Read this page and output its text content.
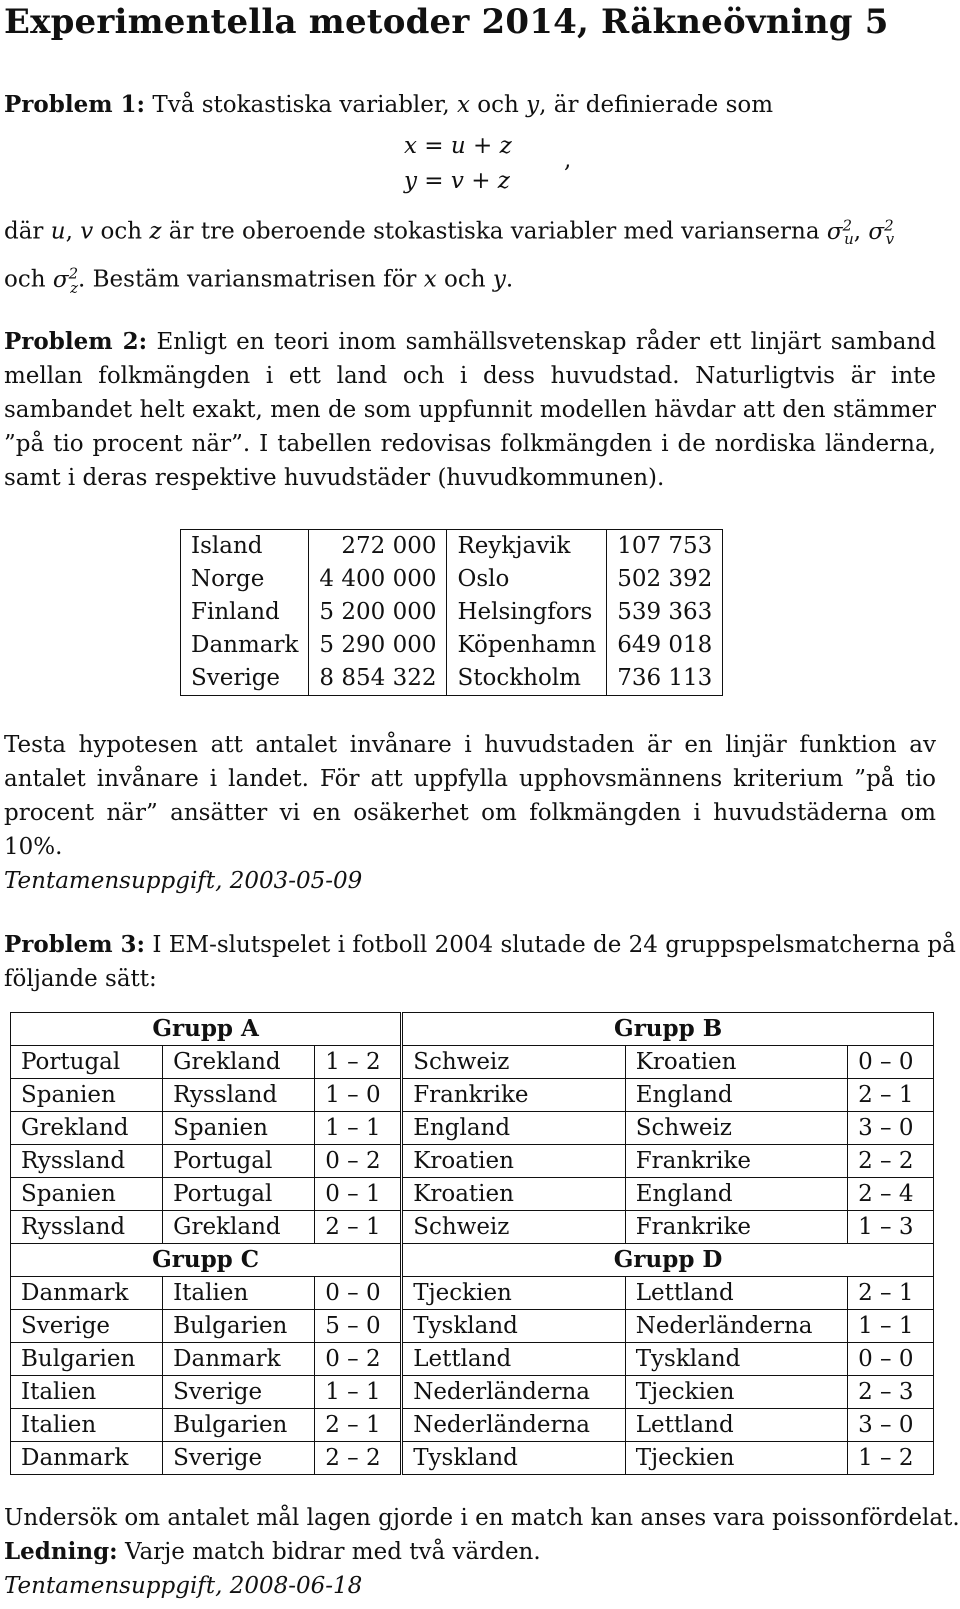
Experimentella metoder 2014, Räkneövning 5

Problem 1: Två stokastiska variabler, x och y, är definierade som

x = u + z
y = v + z
,

där u, v och z är tre oberoende stokastiska variabler med varianserna $\sigma^2_u$, $\sigma^2_v$
och $\sigma^2_z$. Bestäm variansmatrisen för x och y.

Problem 2: Enligt en teori inom samhällsvetenskap råder ett linjärt samband mellan folkmängden i ett land och i dess huvudstad. Naturligtvis är inte sambandet helt exakt, men de som uppfunnit modellen hävdar att den stämmer ”på tio procent när”. I tabellen redovisas folkmängden i de nordiska länderna, samt i deras respektive huvudstäder (huvudkommunen).

Island	272 000	Reykjavik	107 753
Norge	4 400 000	Oslo	502 392
Finland	5 200 000	Helsingfors	539 363
Danmark	5 290 000	Köpenhamn	649 018
Sverige	8 854 322	Stockholm	736 113

Testa hypotesen att antalet invånare i huvudstaden är en linjär funktion av antalet invånare i landet. För att uppfylla upphovsmännens kriterium ”på tio procent när” ansätter vi en osäkerhet om folkmängden i huvudstäderna om 10%.

Tentamensuppgift, 2003-05-09

Problem 3: I EM-slutspelet i fotboll 2004 slutade de 24 gruppspelsmatcherna på följande sätt:

Grupp A			Grupp B		
Portugal	Grekland	1 – 2	Schweiz	Kroatien	0 – 0
Spanien	Ryssland	1 – 0	Frankrike	England	2 – 1
Grekland	Spanien	1 – 1	England	Schweiz	3 – 0
Ryssland	Portugal	0 – 2	Kroatien	Frankrike	2 – 2
Spanien	Portugal	0 – 1	Kroatien	England	2 – 4
Ryssland	Grekland	2 – 1	Schweiz	Frankrike	1 – 3
Grupp C			Grupp D		
Danmark	Italien	0 – 0	Tjeckien	Lettland	2 – 1
Sverige	Bulgarien	5 – 0	Tyskland	Nederländerna	1 – 1
Bulgarien	Danmark	0 – 2	Lettland	Tyskland	0 – 0
Italien	Sverige	1 – 1	Nederländerna	Tjeckien	2 – 3
Italien	Bulgarien	2 – 1	Nederländerna	Lettland	3 – 0
Danmark	Sverige	2 – 2	Tyskland	Tjeckien	1 – 2

Undersök om antalet mål lagen gjorde i en match kan anses vara poissonfördelat.

Ledning: Varje match bidrar med två värden.

Tentamensuppgift, 2008-06-18
